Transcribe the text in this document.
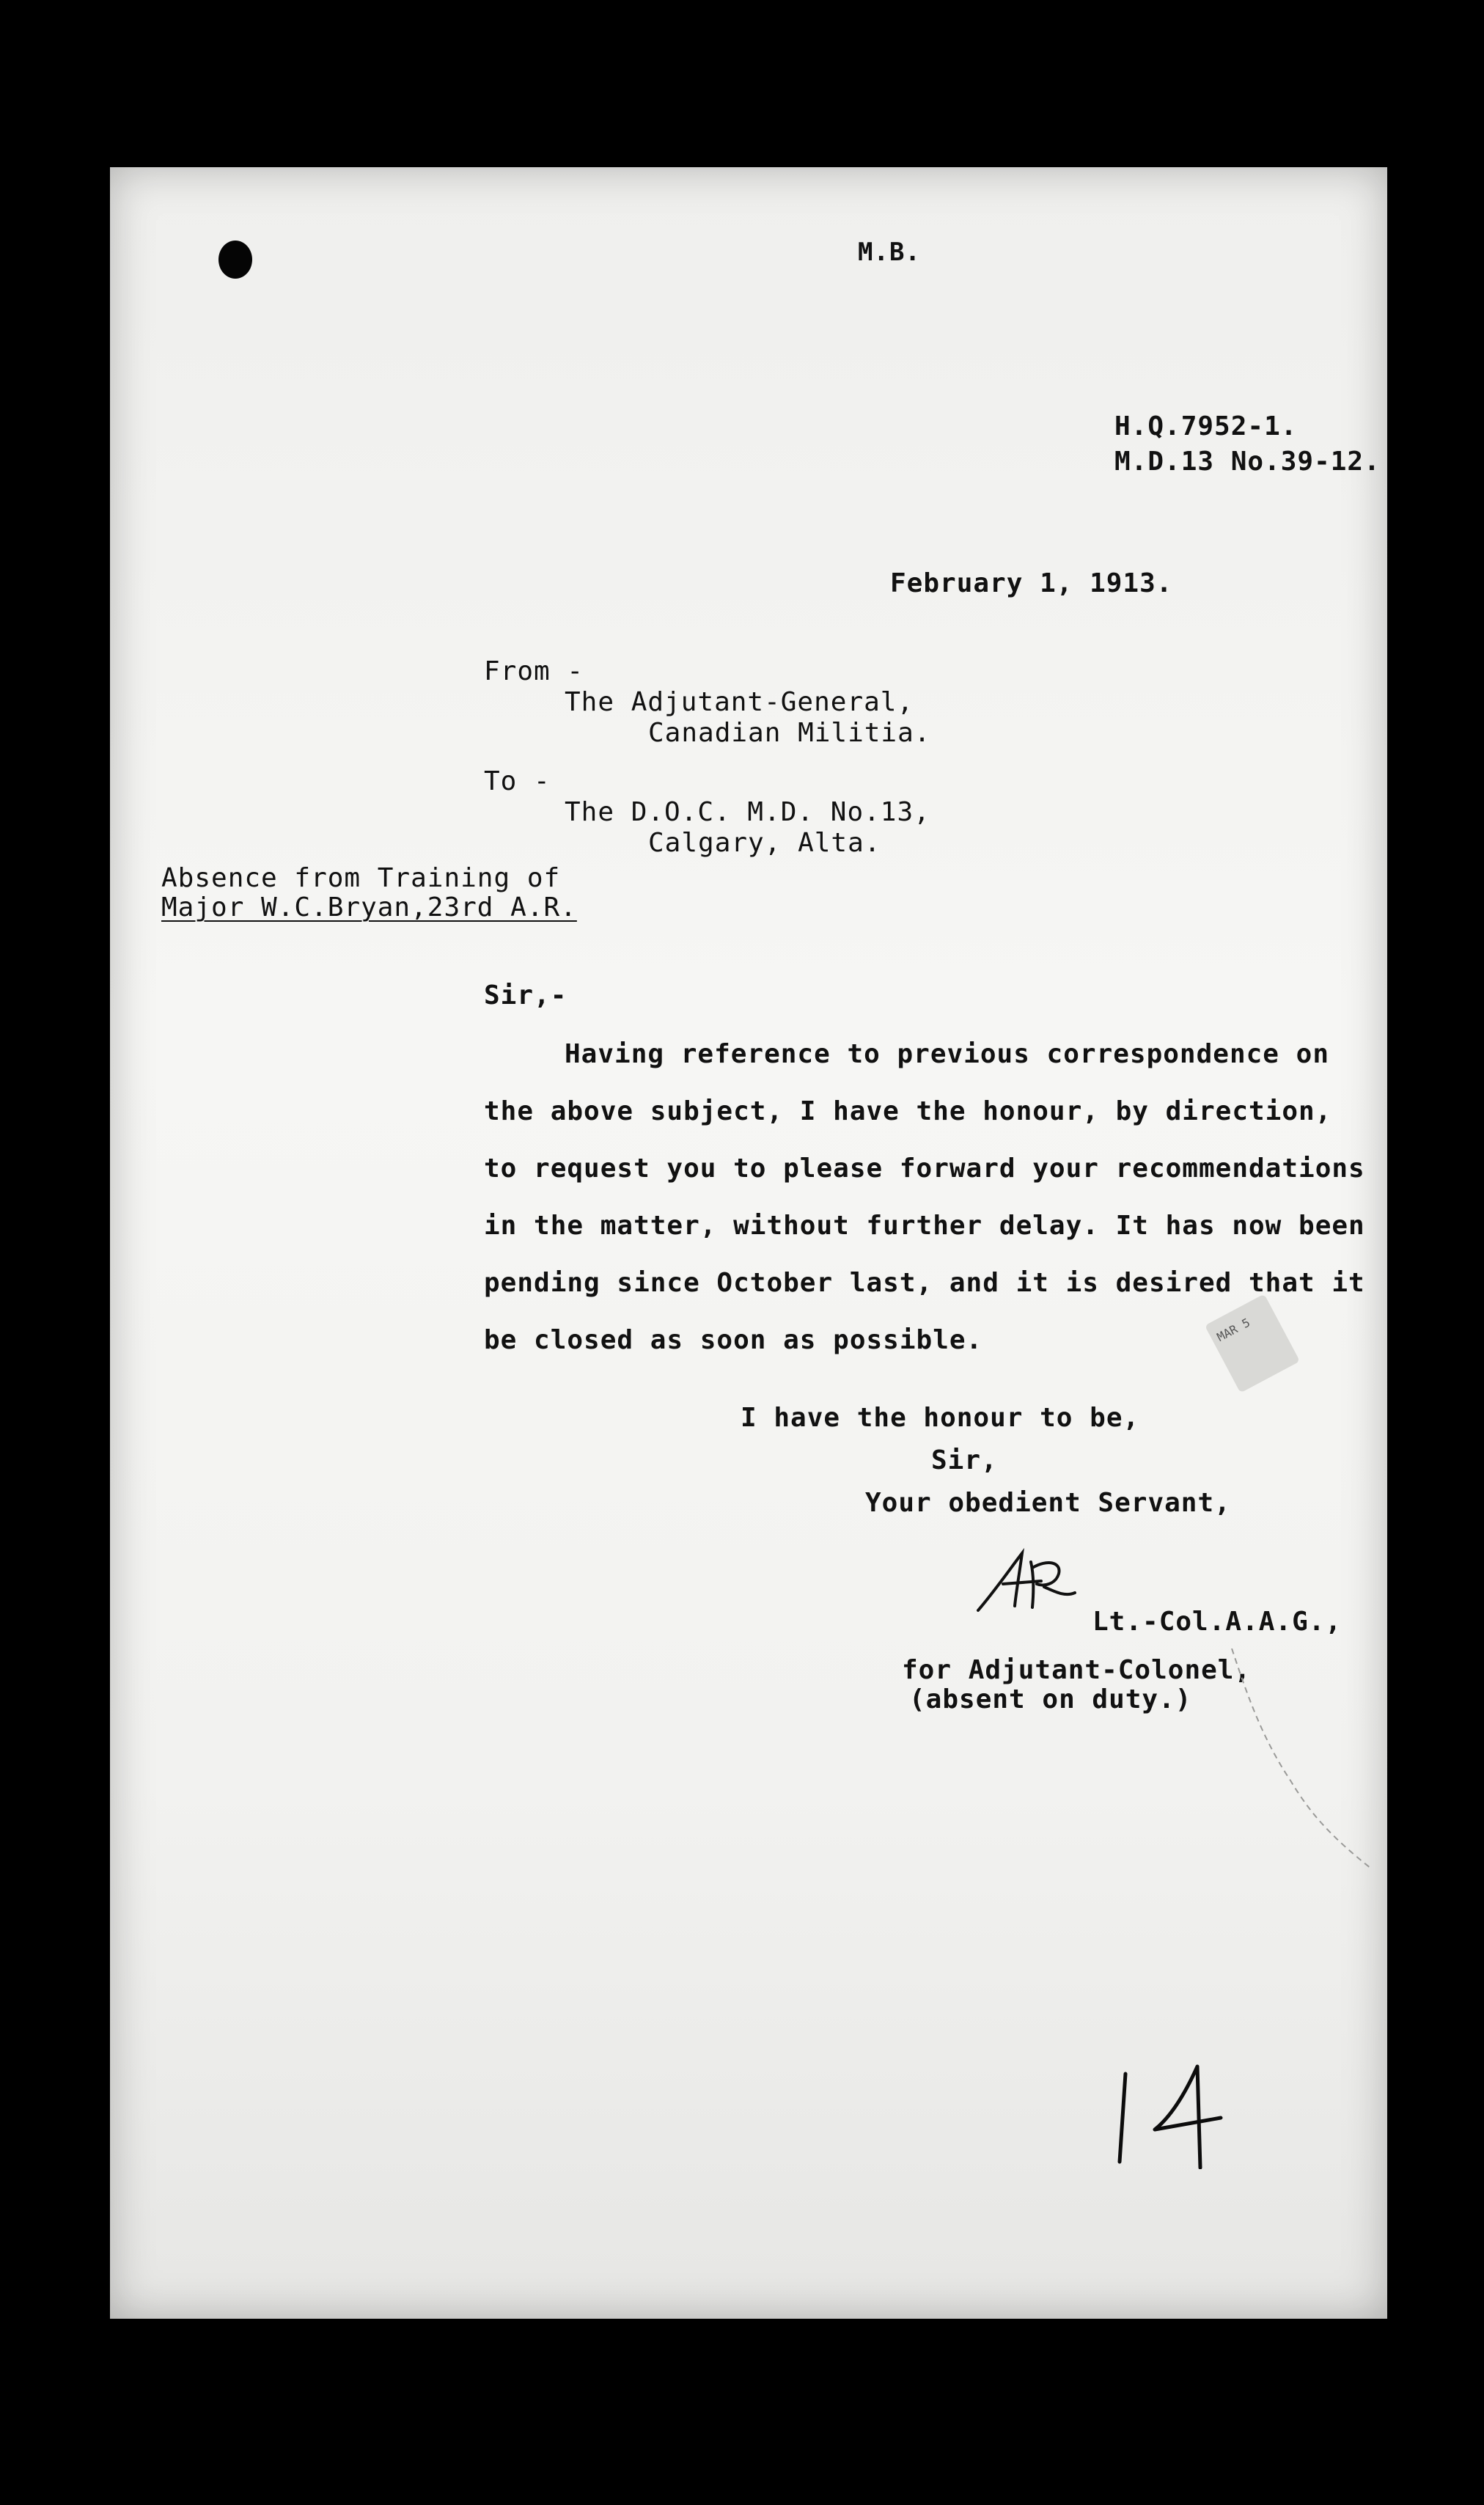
M.B.
H.Q.7952-1.
M.D.13 No.39-12.
February 1, 1913.
From -
The Adjutant-General,
Canadian Militia.
To -
The D.O.C. M.D. No.13,
Calgary, Alta.
Absence from Training of
Major W.C.Bryan,23rd A.R.
Sir,-
Having reference to previous correspondence on
the above subject, I have the honour, by direction,
to request you to please forward your recommendations
in the matter, without further delay. It has now been
pending since October last, and it is desired that it
be closed as soon as possible.	MAR 5
I have the honour to be,
Sir,
Your obedient Servant,
Lt.-Col.A.A.G.,
for Adjutant-Colonel,
(absent on duty.)
